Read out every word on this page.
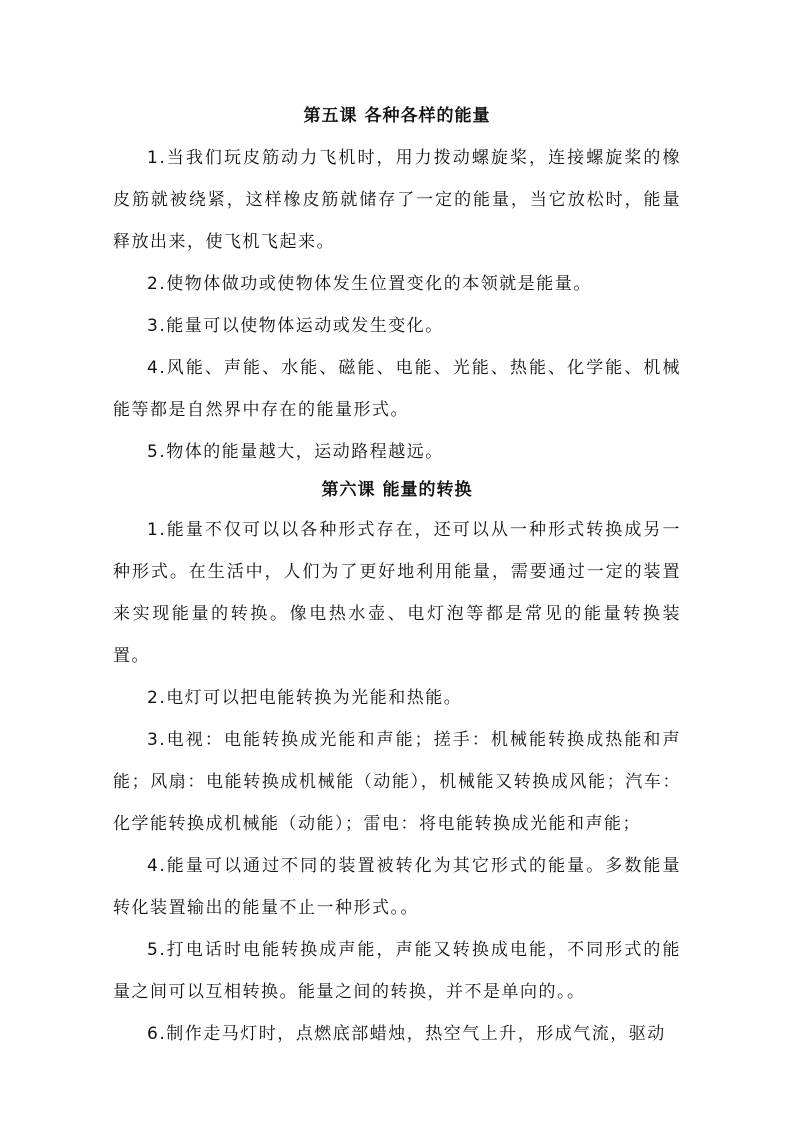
第五课 各种各样的能量

1.当我们玩皮筋动力飞机时，用力拨动螺旋桨，连接螺旋桨的橡皮筋就被绕紧，这样橡皮筋就储存了一定的能量，当它放松时，能量释放出来，使飞机飞起来。

2.使物体做功或使物体发生位置变化的本领就是能量。

3.能量可以使物体运动或发生变化。

4.风能、声能、水能、磁能、电能、光能、热能、化学能、机械能等都是自然界中存在的能量形式。

5.物体的能量越大，运动路程越远。

第六课 能量的转换

1.能量不仅可以以各种形式存在，还可以从一种形式转换成另一种形式。在生活中，人们为了更好地利用能量，需要通过一定的装置来实现能量的转换。像电热水壶、电灯泡等都是常见的能量转换装置。

2.电灯可以把电能转换为光能和热能。

3.电视：电能转换成光能和声能；搓手：机械能转换成热能和声能；风扇：电能转换成机械能（动能），机械能又转换成风能；汽车：化学能转换成机械能（动能）；雷电：将电能转换成光能和声能；

4.能量可以通过不同的装置被转化为其它形式的能量。多数能量转化装置输出的能量不止一种形式。。

5.打电话时电能转换成声能，声能又转换成电能，不同形式的能量之间可以互相转换。能量之间的转换，并不是单向的。。

6.制作走马灯时，点燃底部蜡烛，热空气上升，形成气流，驱动
